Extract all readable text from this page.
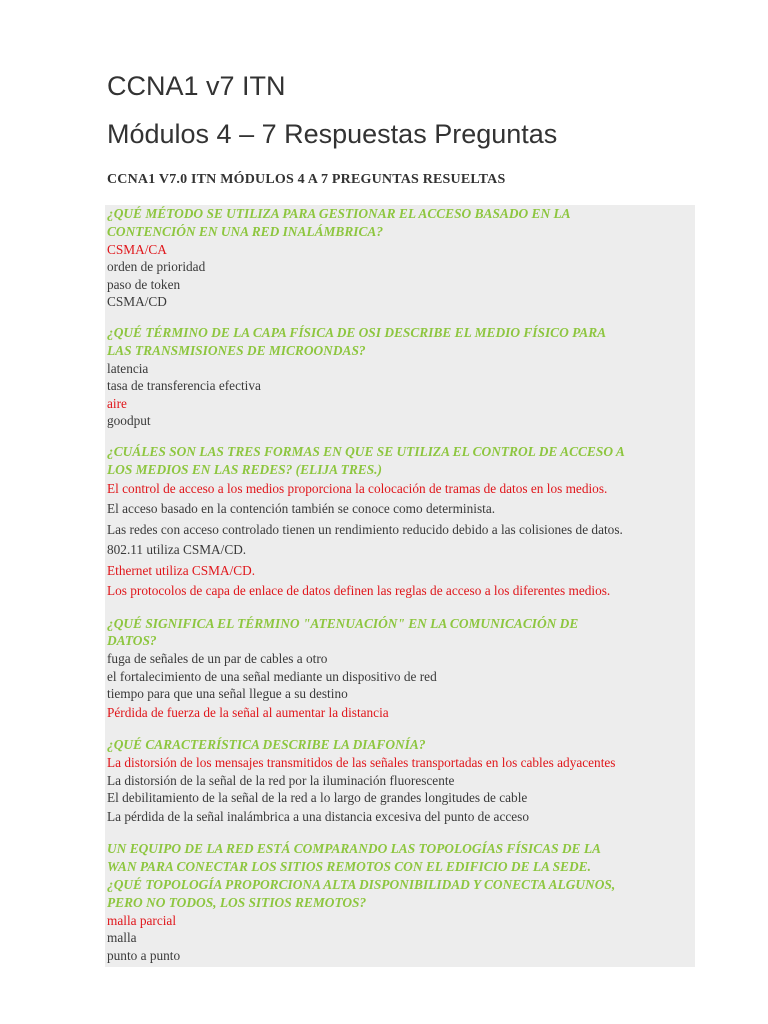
CCNA1 v7 ITN
Módulos 4 – 7 Respuestas Preguntas

CCNA1 V7.0 ITN MÓDULOS 4 A 7 PREGUNTAS RESUELTAS

¿QUÉ MÉTODO SE UTILIZA PARA GESTIONAR EL ACCESO BASADO EN LA
CONTENCIÓN EN UNA RED INALÁMBRICA?

CSMA/CA

orden de prioridad

paso de token

CSMA/CD

¿QUÉ TÉRMINO DE LA CAPA FÍSICA DE OSI DESCRIBE EL MEDIO FÍSICO PARA
LAS TRANSMISIONES DE MICROONDAS?

latencia

tasa de transferencia efectiva

aire

goodput

¿CUÁLES SON LAS TRES FORMAS EN QUE SE UTILIZA EL CONTROL DE ACCESO A
LOS MEDIOS EN LAS REDES? (ELIJA TRES.)

El control de acceso a los medios proporciona la colocación de tramas de datos en los medios.

El acceso basado en la contención también se conoce como determinista.

Las redes con acceso controlado tienen un rendimiento reducido debido a las colisiones de datos.

802.11 utiliza CSMA/CD.

Ethernet utiliza CSMA/CD.

Los protocolos de capa de enlace de datos definen las reglas de acceso a los diferentes medios.

¿QUÉ SIGNIFICA EL TÉRMINO "ATENUACIÓN" EN LA COMUNICACIÓN DE
DATOS?

fuga de señales de un par de cables a otro

el fortalecimiento de una señal mediante un dispositivo de red

tiempo para que una señal llegue a su destino

Pérdida de fuerza de la señal al aumentar la distancia

¿QUÉ CARACTERÍSTICA DESCRIBE LA DIAFONÍA?

La distorsión de los mensajes transmitidos de las señales transportadas en los cables adyacentes

La distorsión de la señal de la red por la iluminación fluorescente

El debilitamiento de la señal de la red a lo largo de grandes longitudes de cable

La pérdida de la señal inalámbrica a una distancia excesiva del punto de acceso

UN EQUIPO DE LA RED ESTÁ COMPARANDO LAS TOPOLOGÍAS FÍSICAS DE LA
WAN PARA CONECTAR LOS SITIOS REMOTOS CON EL EDIFICIO DE LA SEDE.
¿QUÉ TOPOLOGÍA PROPORCIONA ALTA DISPONIBILIDAD Y CONECTA ALGUNOS,
PERO NO TODOS, LOS SITIOS REMOTOS?

malla parcial

malla

punto a punto
